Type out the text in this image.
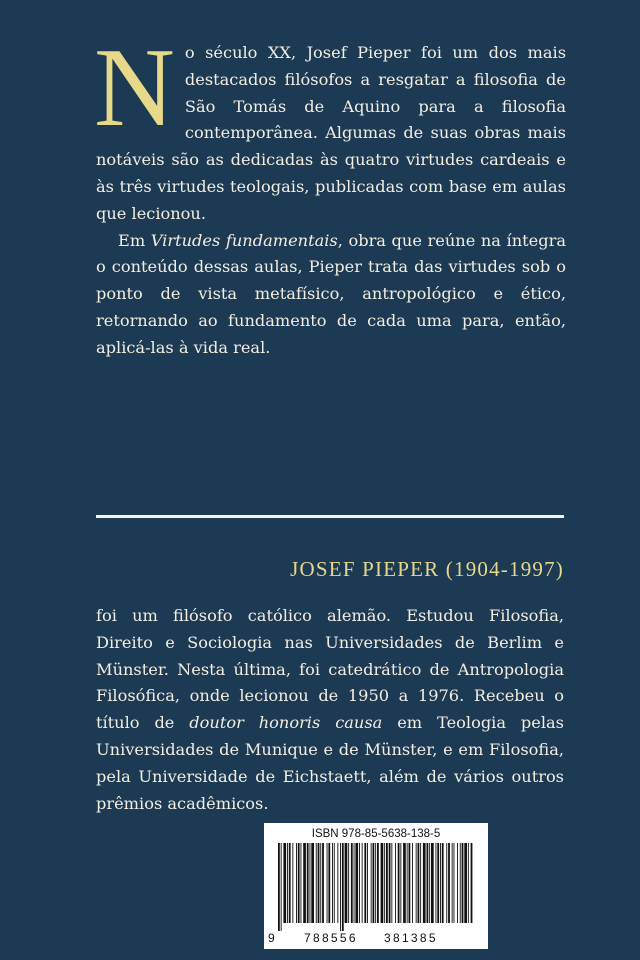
N o século XX, Josef Pieper foi um dos mais destacados filósofos a resgatar a filosofia de São Tomás de Aquino para a filosofia contemporânea. Algumas de suas obras mais notáveis são as dedicadas às quatro virtudes cardeais e às três virtudes teologais, publicadas com base em aulas que lecionou.

Em Virtudes fundamentais, obra que reúne na íntegra o conteúdo dessas aulas, Pieper trata das virtudes sob o ponto de vista metafísico, antropológico e ético, retornando ao fundamento de cada uma para, então, aplicá-las à vida real.

JOSEF PIEPER (1904-1997)

foi um filósofo católico alemão. Estudou Filosofia, Direito e Sociologia nas Universidades de Berlim e Münster. Nesta última, foi catedrático de Antropologia Filosófica, onde lecionou de 1950 a 1976. Recebeu o título de doutor honoris causa em Teologia pelas Universidades de Munique e de Münster, e em Filosofia, pela Universidade de Eichstaett, além de vários outros prêmios acadêmicos.

ISBN 978-85-5638-138-5
9 788556 381385
